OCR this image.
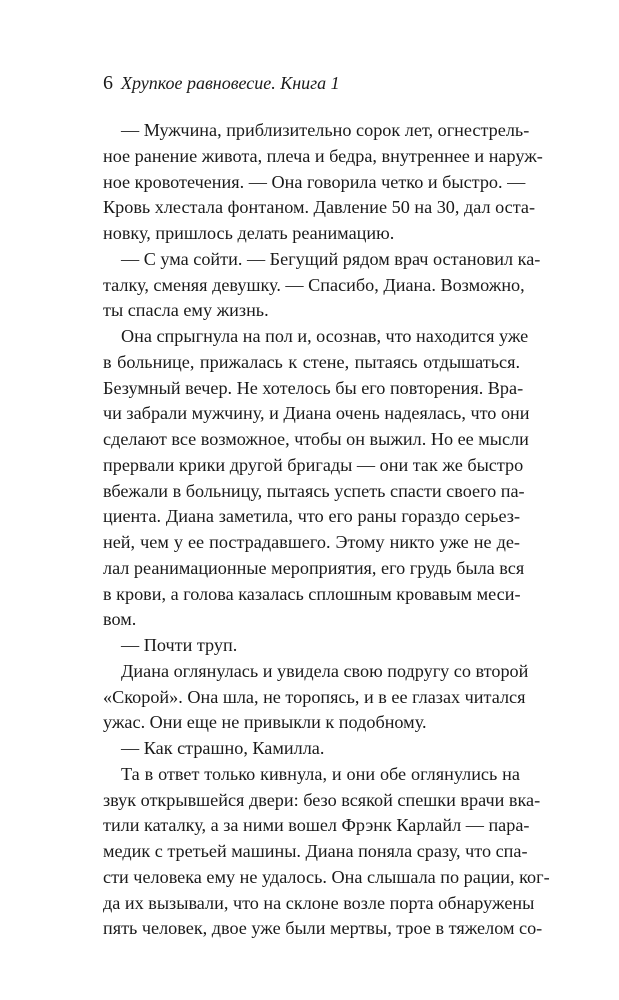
6 Хрупкое равновесие. Книга 1
— Мужчина, приблизительно сорок лет, огнестрель-
ное ранение живота, плеча и бедра, внутреннее и наруж-
ное кровотечения. — Она говорила четко и быстро. —
Кровь хлестала фонтаном. Давление 50 на 30, дал оста-
новку, пришлось делать реанимацию.
— С ума сойти. — Бегущий рядом врач остановил ка-
талку, сменяя девушку. — Спасибо, Диана. Возможно,
ты спасла ему жизнь.
Она спрыгнула на пол и, осознав, что находится уже
в больнице, прижалась к стене, пытаясь отдышаться.
Безумный вечер. Не хотелось бы его повторения. Вра-
чи забрали мужчину, и Диана очень надеялась, что они
сделают все возможное, чтобы он выжил. Но ее мысли
прервали крики другой бригады — они так же быстро
вбежали в больницу, пытаясь успеть спасти своего па-
циента. Диана заметила, что его раны гораздо серьез-
ней, чем у ее пострадавшего. Этому никто уже не де-
лал реанимационные мероприятия, его грудь была вся
в крови, а голова казалась сплошным кровавым меси-
вом.
— Почти труп.
Диана оглянулась и увидела свою подругу со второй
«Скорой». Она шла, не торопясь, и в ее глазах читался
ужас. Они еще не привыкли к подобному.
— Как страшно, Камилла.
Та в ответ только кивнула, и они обе оглянулись на
звук открывшейся двери: безо всякой спешки врачи вка-
тили каталку, а за ними вошел Фрэнк Карлайл — пара-
медик с третьей машины. Диана поняла сразу, что спа-
сти человека ему не удалось. Она слышала по рации, ког-
да их вызывали, что на склоне возле порта обнаружены
пять человек, двое уже были мертвы, трое в тяжелом со-
